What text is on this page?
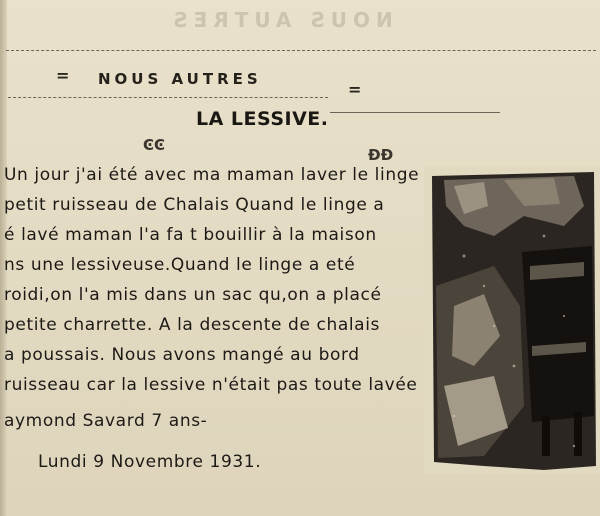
NOUS AUTRES
= NOUS AUTRES
=
LA LESSIVE.
ϾϾ
ÐÐ
Un jour j'ai été avec ma maman laver le linge
petit ruisseau de Chalais Quand le linge a
é lavé maman l'a fa t bouillir à la maison
ns une lessiveuse.Quand le linge a eté
roidi,on l'a mis dans un sac qu,on a placé
petite charrette. A la descente de chalais
a poussais. Nous avons mangé au bord
ruisseau car la lessive n'était pas toute lavée
aymond Savard 7 ans-
Lundi 9 Novembre 1931.
